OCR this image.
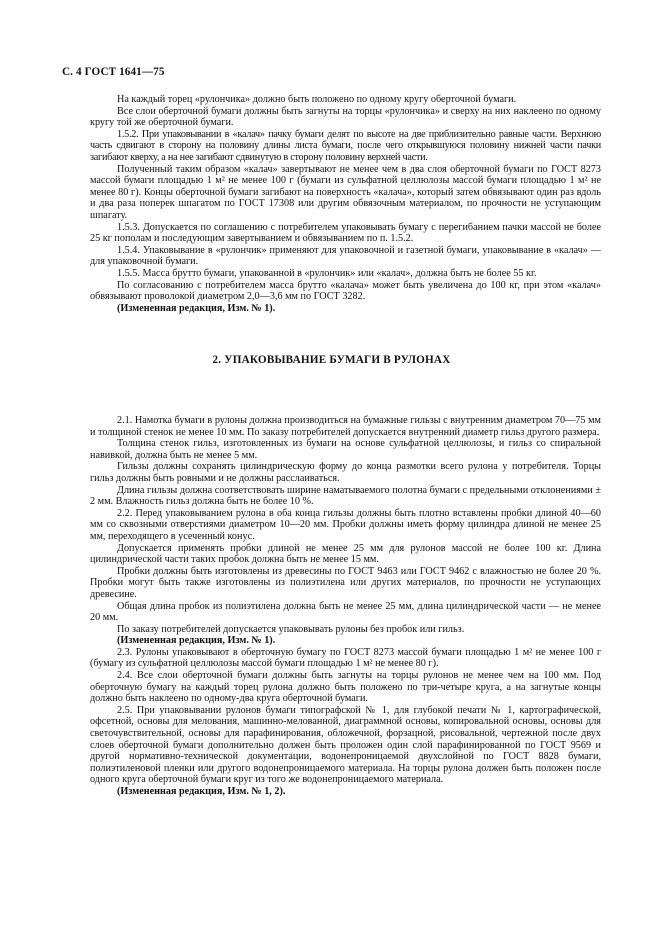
С. 4 ГОСТ 1641—75

На каждый торец «рулончика» должно быть положено по одному кругу оберточной бумаги.

Все слои оберточной бумаги должны быть загнуты на торцы «рулончика» и сверху на них наклеено по одному кругу той же оберточной бумаги.

1.5.2. При упаковывании в «калач» пачку бумаги делят по высоте на две приблизительно равные части. Верхнюю часть сдвигают в сторону на половину длины листа бумаги, после чего открывшуюся половину нижней части пачки загибают кверху, а на нее загибают сдвинутую в сторону половину верхней части.

Полученный таким образом «калач» завертывают не менее чем в два слоя оберточной бумаги по ГОСТ 8273 массой бумаги площадью 1 м² не менее 100 г (бумаги из сульфатной целлюлозы массой бумаги площадью 1 м² не менее 80 г). Концы оберточной бумаги загибают на поверхность «калача», который затем обвязывают один раз вдоль и два раза поперек шпагатом по ГОСТ 17308 или другим обвязочным материалом, по прочности не уступающим шпагату.

1.5.3. Допускается по соглашению с потребителем упаковывать бумагу с перегибанием пачки массой не более 25 кг пополам и последующим завертыванием и обвязыванием по п. 1.5.2.

1.5.4. Упаковывание в «рулончик» применяют для упаковочной и газетной бумаги, упаковывание в «калач» — для упаковочной бумаги.

1.5.5. Масса брутто бумаги, упакованной в «рулончик» или «калач», должна быть не более 55 кг.

По согласованию с потребителем масса брутто «калача» может быть увеличена до 100 кг, при этом «калач» обвязывают проволокой диаметром 2,0—3,6 мм по ГОСТ 3282.

(Измененная редакция, Изм. № 1).

2. УПАКОВЫВАНИЕ БУМАГИ В РУЛОНАХ

2.1. Намотка бумаги в рулоны должна производиться на бумажные гильзы с внутренним диаметром 70—75 мм и толщиной стенок не менее 10 мм. По заказу потребителей допускается внутренний диаметр гильз другого размера.

Толщина стенок гильз, изготовленных из бумаги на основе сульфатной целлюлозы, и гильз со спиральной навивкой, должна быть не менее 5 мм.

Гильзы должны сохранять цилиндрическую форму до конца размотки всего рулона у потребителя. Торцы гильз должны быть ровными и не должны расслаиваться.

Длина гильзы должна соответствовать ширине наматываемого полотна бумаги с предельными отклонениями ± 2 мм. Влажность гильз должна быть не более 10 %.

2.2. Перед упаковыванием рулона в оба конца гильзы должны быть плотно вставлены пробки длиной 40—60 мм со сквозными отверстиями диаметром 10—20 мм. Пробки должны иметь форму цилиндра длиной не менее 25 мм, переходящего в усеченный конус.

Допускается применять пробки длиной не менее 25 мм для рулонов массой не более 100 кг. Длина цилиндрической части таких пробок должна быть не менее 15 мм.

Пробки должны быть изготовлены из древесины по ГОСТ 9463 или ГОСТ 9462 с влажностью не более 20 %. Пробки могут быть также изготовлены из полиэтилена или других материалов, по прочности не уступающих древесине.

Общая длина пробок из полиэтилена должна быть не менее 25 мм, длина цилиндрической части — не менее 20 мм.

По заказу потребителей допускается упаковывать рулоны без пробок или гильз.

(Измененная редакция, Изм. № 1).

2.3. Рулоны упаковывают в оберточную бумагу по ГОСТ 8273 массой бумаги площадью 1 м² не менее 100 г (бумагу из сульфатной целлюлозы массой бумаги площадью 1 м² не менее 80 г).

2.4. Все слои оберточной бумаги должны быть загнуты на торцы рулонов не менее чем на 100 мм. Под оберточную бумагу на каждый торец рулона должно быть положено по три-четыре круга, а на загнутые концы должно быть наклеено по одному-два круга оберточной бумаги.

2.5. При упаковывании рулонов бумаги типографской № 1, для глубокой печати № 1, картографической, офсетной, основы для мелования, машинно-мелованной, диаграммной основы, копировальной основы, основы для светочувствительной, основы для парафинирования, обложечной, форзацной, рисовальной, чертежной после двух слоев оберточной бумаги дополнительно должен быть проложен один слой парафинированной по ГОСТ 9569 и другой нормативно-технической документации, водонепроницаемой двухслойной по ГОСТ 8828 бумаги, полиэтиленовой пленки или другого водонепроницаемого материала. На торцы рулона должен быть положен после одного круга оберточной бумаги круг из того же водонепроницаемого материала.

(Измененная редакция, Изм. № 1, 2).
